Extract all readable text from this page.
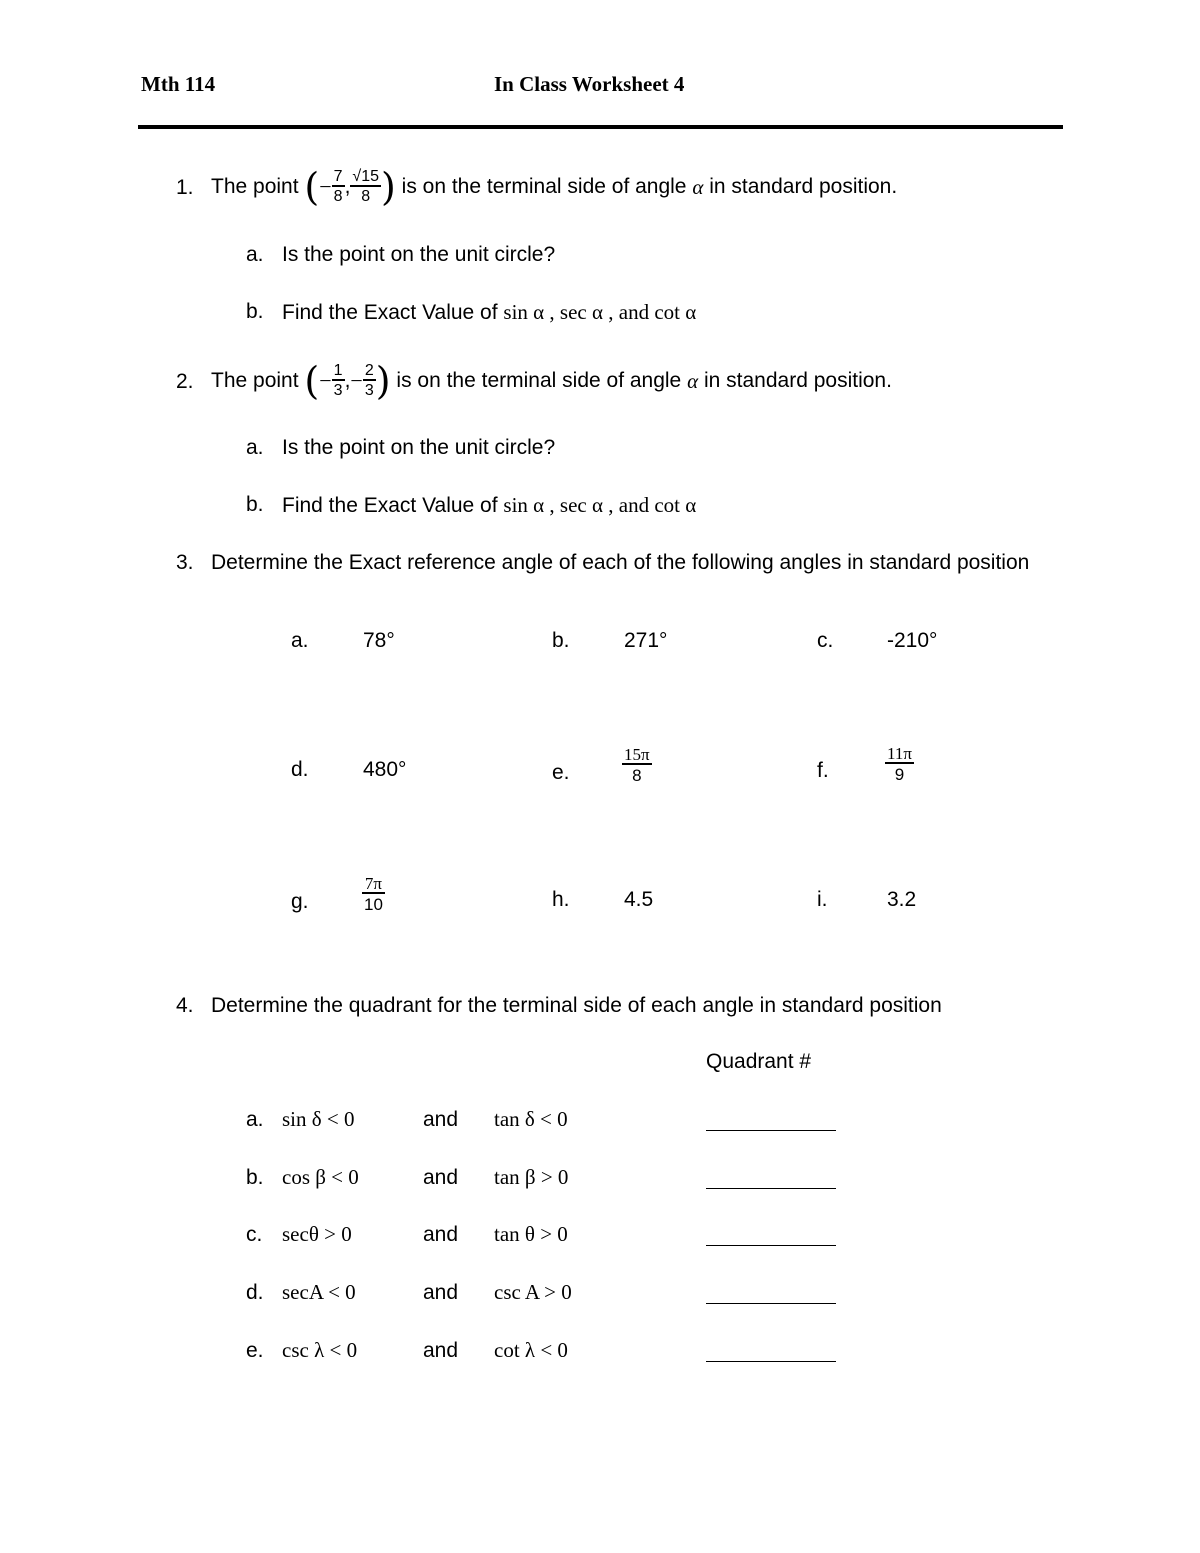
Mth 114	In Class Worksheet 4
1. The point
( − $\frac{7}{8}$ , $\frac{√15}{8}$ )
is on the terminal side of angle
α
in standard position.
a. Is the point on the unit circle?
b. Find the Exact Value of sin α , sec α , and cot α
2. The point
( − $\frac{1}{3}$ , − $\frac{2}{3}$ )
is on the terminal side of angle
α
in standard position.
a. Is the point on the unit circle?
b. Find the Exact Value of sin α , sec α , and cot α
3. Determine the Exact reference angle of each of the following angles in standard position
a.	78°	b.	271°	c.	-210°
d.	480°	e.	$\frac{15\pi}{8}$	f.	$\frac{11\pi}{9}$
g.	$\frac{7\pi}{10}$	h.	4.5	i.	3.2
4. Determine the quadrant for the terminal side of each angle in standard position
Quadrant #
a. sin δ < 0	and tan δ < 0
b. cos β < 0	and tan β > 0
c. secθ > 0	and tan θ > 0
d. secA < 0	and csc A > 0
e. csc λ < 0	and cot λ < 0
